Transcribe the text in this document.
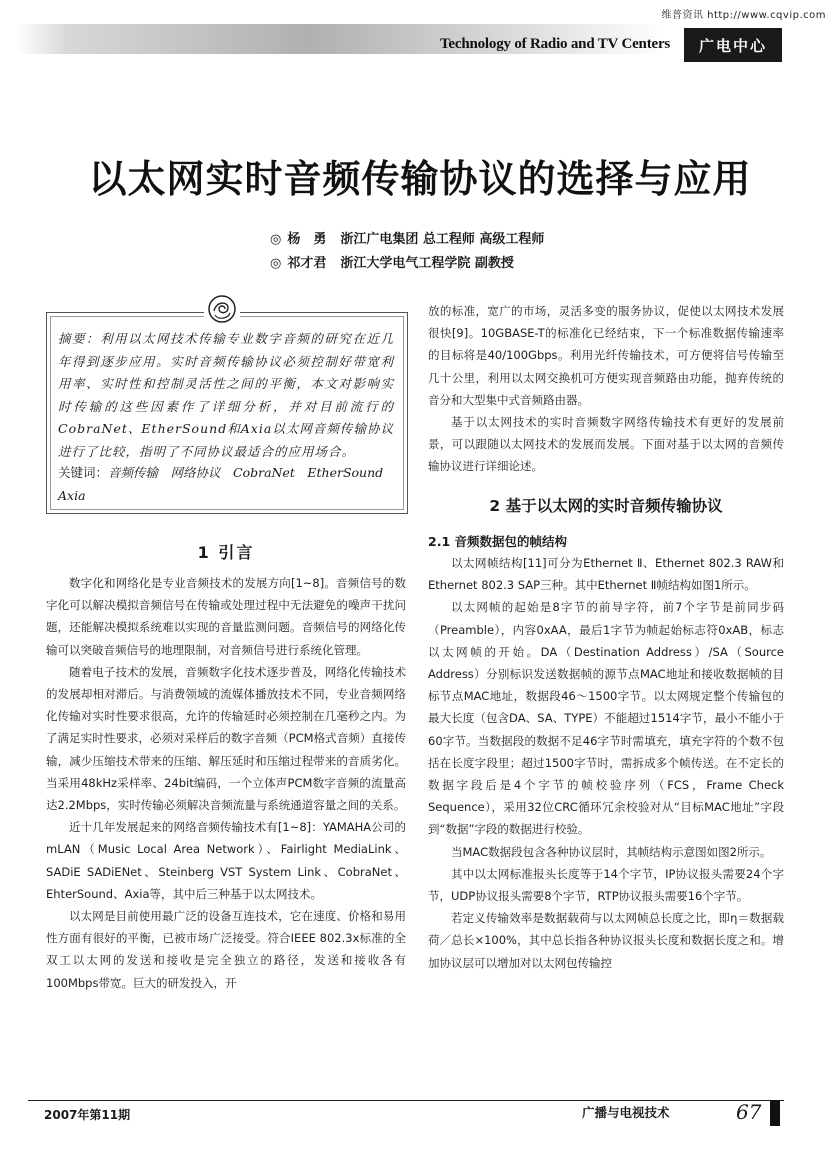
维普资讯 http://www.cqvip.com
Technology of Radio and TV Centers	广电中心
以太网实时音频传输协议的选择与应用
◎ 杨　勇 浙江广电集团 总工程师 高级工程师
◎ 祁才君 浙江大学电气工程学院 副教授
摘要：利用以太网技术传输专业数字音频的研究在近几年得到逐步应用。实时音频传输协议必须控制好带宽利用率、实时性和控制灵活性之间的平衡，本文对影响实时传输的这些因素作了详细分析，并对目前流行的CobraNet、EtherSound和Axia以太网音频传输协议进行了比较，指明了不同协议最适合的应用场合。
关键词：音频传输　网络协议　CobraNet　EtherSound　Axia
1 引言

数字化和网络化是专业音频技术的发展方向[1~8]。音频信号的数字化可以解决模拟音频信号在传输或处理过程中无法避免的噪声干扰问题，还能解决模拟系统难以实现的音量监测问题。音频信号的网络化传输可以突破音频信号的地理限制，对音频信号进行系统化管理。

随着电子技术的发展，音频数字化技术逐步普及，网络化传输技术的发展却相对滞后。与消费领域的流媒体播放技术不同，专业音频网络化传输对实时性要求很高，允许的传输延时必须控制在几毫秒之内。为了满足实时性要求，必须对采样后的数字音频（PCM格式音频）直接传输，减少压缩技术带来的压缩、解压延时和压缩过程带来的音质劣化。当采用48kHz采样率、24bit编码，一个立体声PCM数字音频的流量高达2.2Mbps，实时传输必须解决音频流量与系统通道容量之间的关系。

近十几年发展起来的网络音频传输技术有[1~8]：YAMAHA公司的mLAN（Music Local Area Network）、Fairlight MediaLink、SADiE SADiENet、Steinberg VST System Link、CobraNet、EhterSound、Axia等，其中后三种基于以太网技术。

以太网是目前使用最广泛的设备互连技术，它在速度、价格和易用性方面有很好的平衡，已被市场广泛接受。符合IEEE 802.3x标准的全双工以太网的发送和接收是完全独立的路径，发送和接收各有100Mbps带宽。巨大的研发投入，开

放的标准，宽广的市场，灵活多变的服务协议，促使以太网技术发展很快[9]。10GBASE-T的标准化已经结束，下一个标准数据传输速率的目标将是40/100Gbps。利用光纤传输技术，可方便将信号传输至几十公里，利用以太网交换机可方便实现音频路由功能，抛弃传统的音分和大型集中式音频路由器。

基于以太网技术的实时音频数字网络传输技术有更好的发展前景，可以跟随以太网技术的发展而发展。下面对基于以太网的音频传输协议进行详细论述。

2 基于以太网的实时音频传输协议
2.1 音频数据包的帧结构

以太网帧结构[11]可分为Ethernet Ⅱ、Ethernet 802.3 RAW和Ethernet 802.3 SAP三种。其中Ethernet Ⅱ帧结构如图1所示。

以太网帧的起始是8字节的前导字符，前7个字节是前同步码（Preamble），内容0xAA，最后1字节为帧起始标志符0xAB，标志以太网帧的开始。DA（Destination Address）/SA（Source Address）分别标识发送数据帧的源节点MAC地址和接收数据帧的目标节点MAC地址，数据段46～1500字节。以太网规定整个传输包的最大长度（包含DA、SA、TYPE）不能超过1514字节，最小不能小于60字节。当数据段的数据不足46字节时需填充，填充字符的个数不包括在长度字段里；超过1500字节时，需拆成多个帧传送。在不定长的数据字段后是4个字节的帧校验序列（FCS，Frame Check Sequence），采用32位CRC循环冗余校验对从“目标MAC地址”字段到“数据”字段的数据进行校验。

当MAC数据段包含各种协议层时，其帧结构示意图如图2所示。

其中以太网标准报头长度等于14个字节，IP协议报头需要24个字节，UDP协议报头需要8个字节，RTP协议报头需要16个字节。

若定义传输效率是数据载荷与以太网帧总长度之比，即η＝数据载荷／总长×100%，其中总长指各种协议报头长度和数据长度之和。增加协议层可以增加对以太网包传输控

2007年第11期	广播与电视技术	67
